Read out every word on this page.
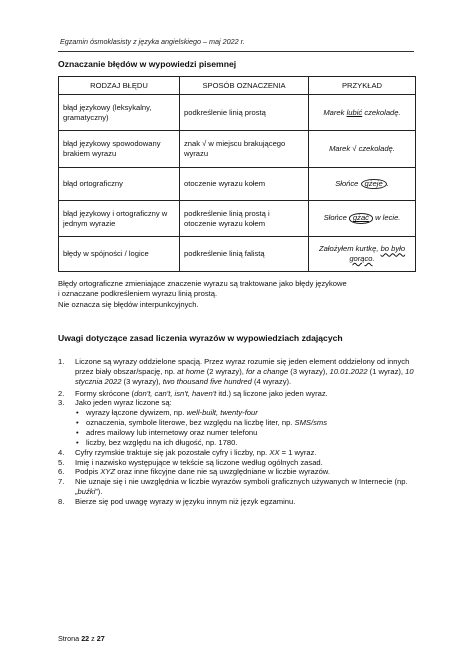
Egzamin ósmoklasisty z języka angielskiego – maj 2022 r.
Oznaczanie błędów w wypowiedzi pisemnej
RODZAJ BŁĘDU	SPOSÓB OZNACZENIA	PRZYKŁAD
błąd językowy (leksykalny, gramatyczny)	podkreślenie linią prostą	Marek lubić czekoladę.
błąd językowy spowodowany brakiem wyrazu	znak √ w miejscu brakującego wyrazu	Marek √ czekoladę.
błąd ortograficzny	otoczenie wyrazu kołem	Słońce gżeje .
błąd językowy i ortograficzny w jednym wyrazie	podkreślenie linią prostą i otoczenie wyrazu kołem	Słońce gżać w lecie.
błędy w spójności / logice	podkreślenie linią falistą	Założyłem kurtkę, bo było gorąco.
Błędy ortograficzne zmieniające znaczenie wyrazu są traktowane jako błędy językowe
i oznaczane podkreśleniem wyrazu linią prostą.
Nie oznacza się błędów interpunkcyjnych.
Uwagi dotyczące zasad liczenia wyrazów w wypowiedziach zdających
1. Liczone są wyrazy oddzielone spacją. Przez wyraz rozumie się jeden element oddzielony od innych przez biały obszar/spację, np. at home (2 wyrazy), for a change (3 wyrazy), 10.01.2022 (1 wyraz), 10 stycznia 2022 (3 wyrazy), two thousand five hundred (4 wyrazy).
2. Formy skrócone (don't, can't, isn't, haven't itd.) są liczone jako jeden wyraz.
3. Jako jeden wyraz liczone są:
• wyrazy łączone dywizem, np. well-built, twenty-four
• oznaczenia, symbole literowe, bez względu na liczbę liter, np. SMS/sms
• adres mailowy lub internetowy oraz numer telefonu
• liczby, bez względu na ich długość, np. 1780.
4. Cyfry rzymskie traktuje się jak pozostałe cyfry i liczby, np. XX = 1 wyraz.
5. Imię i nazwisko występujące w tekście są liczone według ogólnych zasad.
6. Podpis XYZ oraz inne fikcyjne dane nie są uwzględniane w liczbie wyrazów.
7. Nie uznaje się i nie uwzględnia w liczbie wyrazów symboli graficznych używanych w Internecie (np. „buźki”).
8. Bierze się pod uwagę wyrazy w języku innym niż język egzaminu.
Strona 22 z 27
